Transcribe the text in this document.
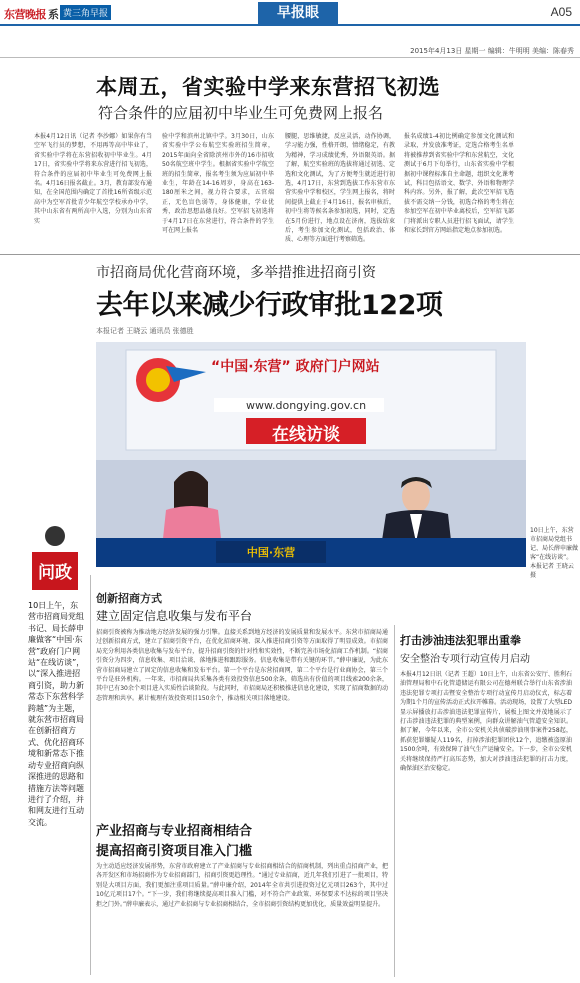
东营晚报 系 黄三角早报	早报眼	A05
2015年4月13日 星期一 编辑：牛明明 美编：陈春秀
本周五，省实验中学来东营招飞初选
符合条件的应届初中毕业生可免费网上报名
本报4月12日讯（记者 李沙娜）如果你有当空军飞行员的梦想，不用再等高中毕业了，省实验中学将在东营招收初中毕业生。4月17日，省实验中学将来东营进行招飞初选，符合条件的应届初中毕业生可免费网上报名。4月16日报名截止。3月，教育部发布通知，在全国范围内确定了首批16所省级示范高中为空军首批青少年航空学校承办中学，其中山东省有两所高中入选，分别为山东省实
验中学和滨州北镇中学。3月30日，山东省实验中学公布航空实验班招生简章，2015年面向全省除滨州市外的16市招收50名航空班中学生。根据省实验中学航空班的招生简章，报名考生须为应届初中毕业生，年龄在14-16周岁，身高在163-180厘米之间，视力符合要求，五官端正，无色盲色弱等，身体健康，学业优秀，政治思想品德良好。空军招飞初选将于4月17日在东营进行，符合条件的学生可在网上报名
腰腿，思维敏捷，反应灵活，动作协调，学习能力强，性格开朗，情绪稳定，有教为精神，学习成绩优秀，外语限英语。据了解，航空实验班的选拔将通过初选、定选和文化测试，为了方便考生就近进行初选，4月17日，东营到选拔工作东营市东营实验中学和校区，学生网上报名，将时间提供上截止于4月16日，报名审核后，初中生将等候名条参加初选，同时，定选在5月份进行，地点设在济南，选拔结束后，考生参加文化测试，包括政治、体质、心理等方面进行考察筛选。
报名成绩1-4初比例确定参加文化测试和录取，并发放准考证，定选合格考生名单将被推荐到省实验中学和东营航空，文化测试于6月下旬举行，山东省实验中学根据初中课程标准自主命题，组织文化课考试，科目包括语文、数学、外语和物理学科内容。另外，报了解，此次空军招飞选拔不需交纳一分钱，初选合格的考生将在参加空军在初中毕业离校后，空军招飞部门将派出专职人员进行招飞面试，请学生和家长到官方网站指定地点参加初选。
市招商局优化营商环境，多举措推进招商引资
去年以来减少行政审批122项
本报记者 王晓云 通讯员 张德胜
“中国·东营” 政府门户网站
www.dongying.gov.cn
在线访谈
中国·东营
10日上午，东营市招商局党组书记、局长薛申廉做客“在线访谈”。本报记者 王晓云 摄
问政
10日上午，东营市招商局党组书记、局长薛申廉做客“中国·东营”政府门户网站“在线访谈”，以“深入推进招商引资，助力新常态下东营科学跨越”为主题，就东营市招商局在创新招商方式、优化招商环境和新常态下推动专业招商向纵深推进的思路和措施方法等问题进行了介绍，并和网友进行互动交流。
创新招商方式
建立固定信息收集与发布平台
招商引资被称为推动地方经济发展的强力引擎。直接关系到地方经济的发展质量和发展水平。东营市招商局通过创新招商方式，建立了招商引资平台，在优化招商环境、深入推进招商引资等方面取得了明显成效。市招商局充分利用各类信息收集与发布平台，提升招商引资的针对性和实效性，不断完善市场化招商工作机制。“招商引资分为四步，信息收集、项目洽谈、落地推进和跟踪服务。信息收集是带有关键的环节。”薛申廉说，为此东营市招商局建立了固定的信息收集和发布平台。第一个平台是东营招商网，第二个平台是行业商协会，第三个平台是驻外机构。一年来，市招商局共采集各类有效投资信息500余条，筛选出有价值的项目线索200余条，其中已有30余个项目进入实质性洽谈阶段。与此同时，市招商局还积极推进信息化建设，实现了招商数据的动态管理和共享。累计梳理有效投资项目150余个，推动相关项目落地建设。
产业招商与专业招商相结合
提高招商引资项目准入门槛
为主动适应经济发展形势，东营市政府建立了产业招商与专业招商相结合的招商机制，列出重点招商产业，把各开发区和市场招商作为专业招商部门，招商引资更趋理性。“通过专业招商，近几年我们引进了一批项目，特别是大项目方面，我们更加注重项目质量。”薛申廉介绍，2014年全市共引进投资过亿元项目263个，其中过10亿元项目17个。“下一步，我们将继续提高项目准入门槛，对不符合产业政策、环保要求不达标的项目坚决拒之门外。”薛申廉表示，通过产业招商与专业招商相结合，全市招商引资结构更加优化，质量效益明显提升。
打击涉油违法犯罪出重拳
安全整治专项行动宣传月启动
本报4月12日讯（记者 王超）10日上午，山东省公安厅、胜利石油管理局和中石化管道储运有限公司在德州联合举行山东省涉油违法犯罪专项打击暨安全整治专项行动宣传月启动仪式，标志着为期1个月的宣传活动正式拉开帷幕。活动现场，设置了大型LED显示屏播放打击涉油违法犯罪宣传片，展板上图文并茂地展示了打击涉油违法犯罪的典型案例，向群众讲解油气管道安全知识。据了解，今年以来，全市公安机关共侦破涉油刑事案件258起，抓获犯罪嫌疑人119名，打掉涉油犯罪团伙12个，追缴被盗原油1500余吨，有效保障了油气生产运输安全。下一步，全市公安机关将继续保持严打高压态势，加大对涉油违法犯罪的打击力度，确保油区治安稳定。
